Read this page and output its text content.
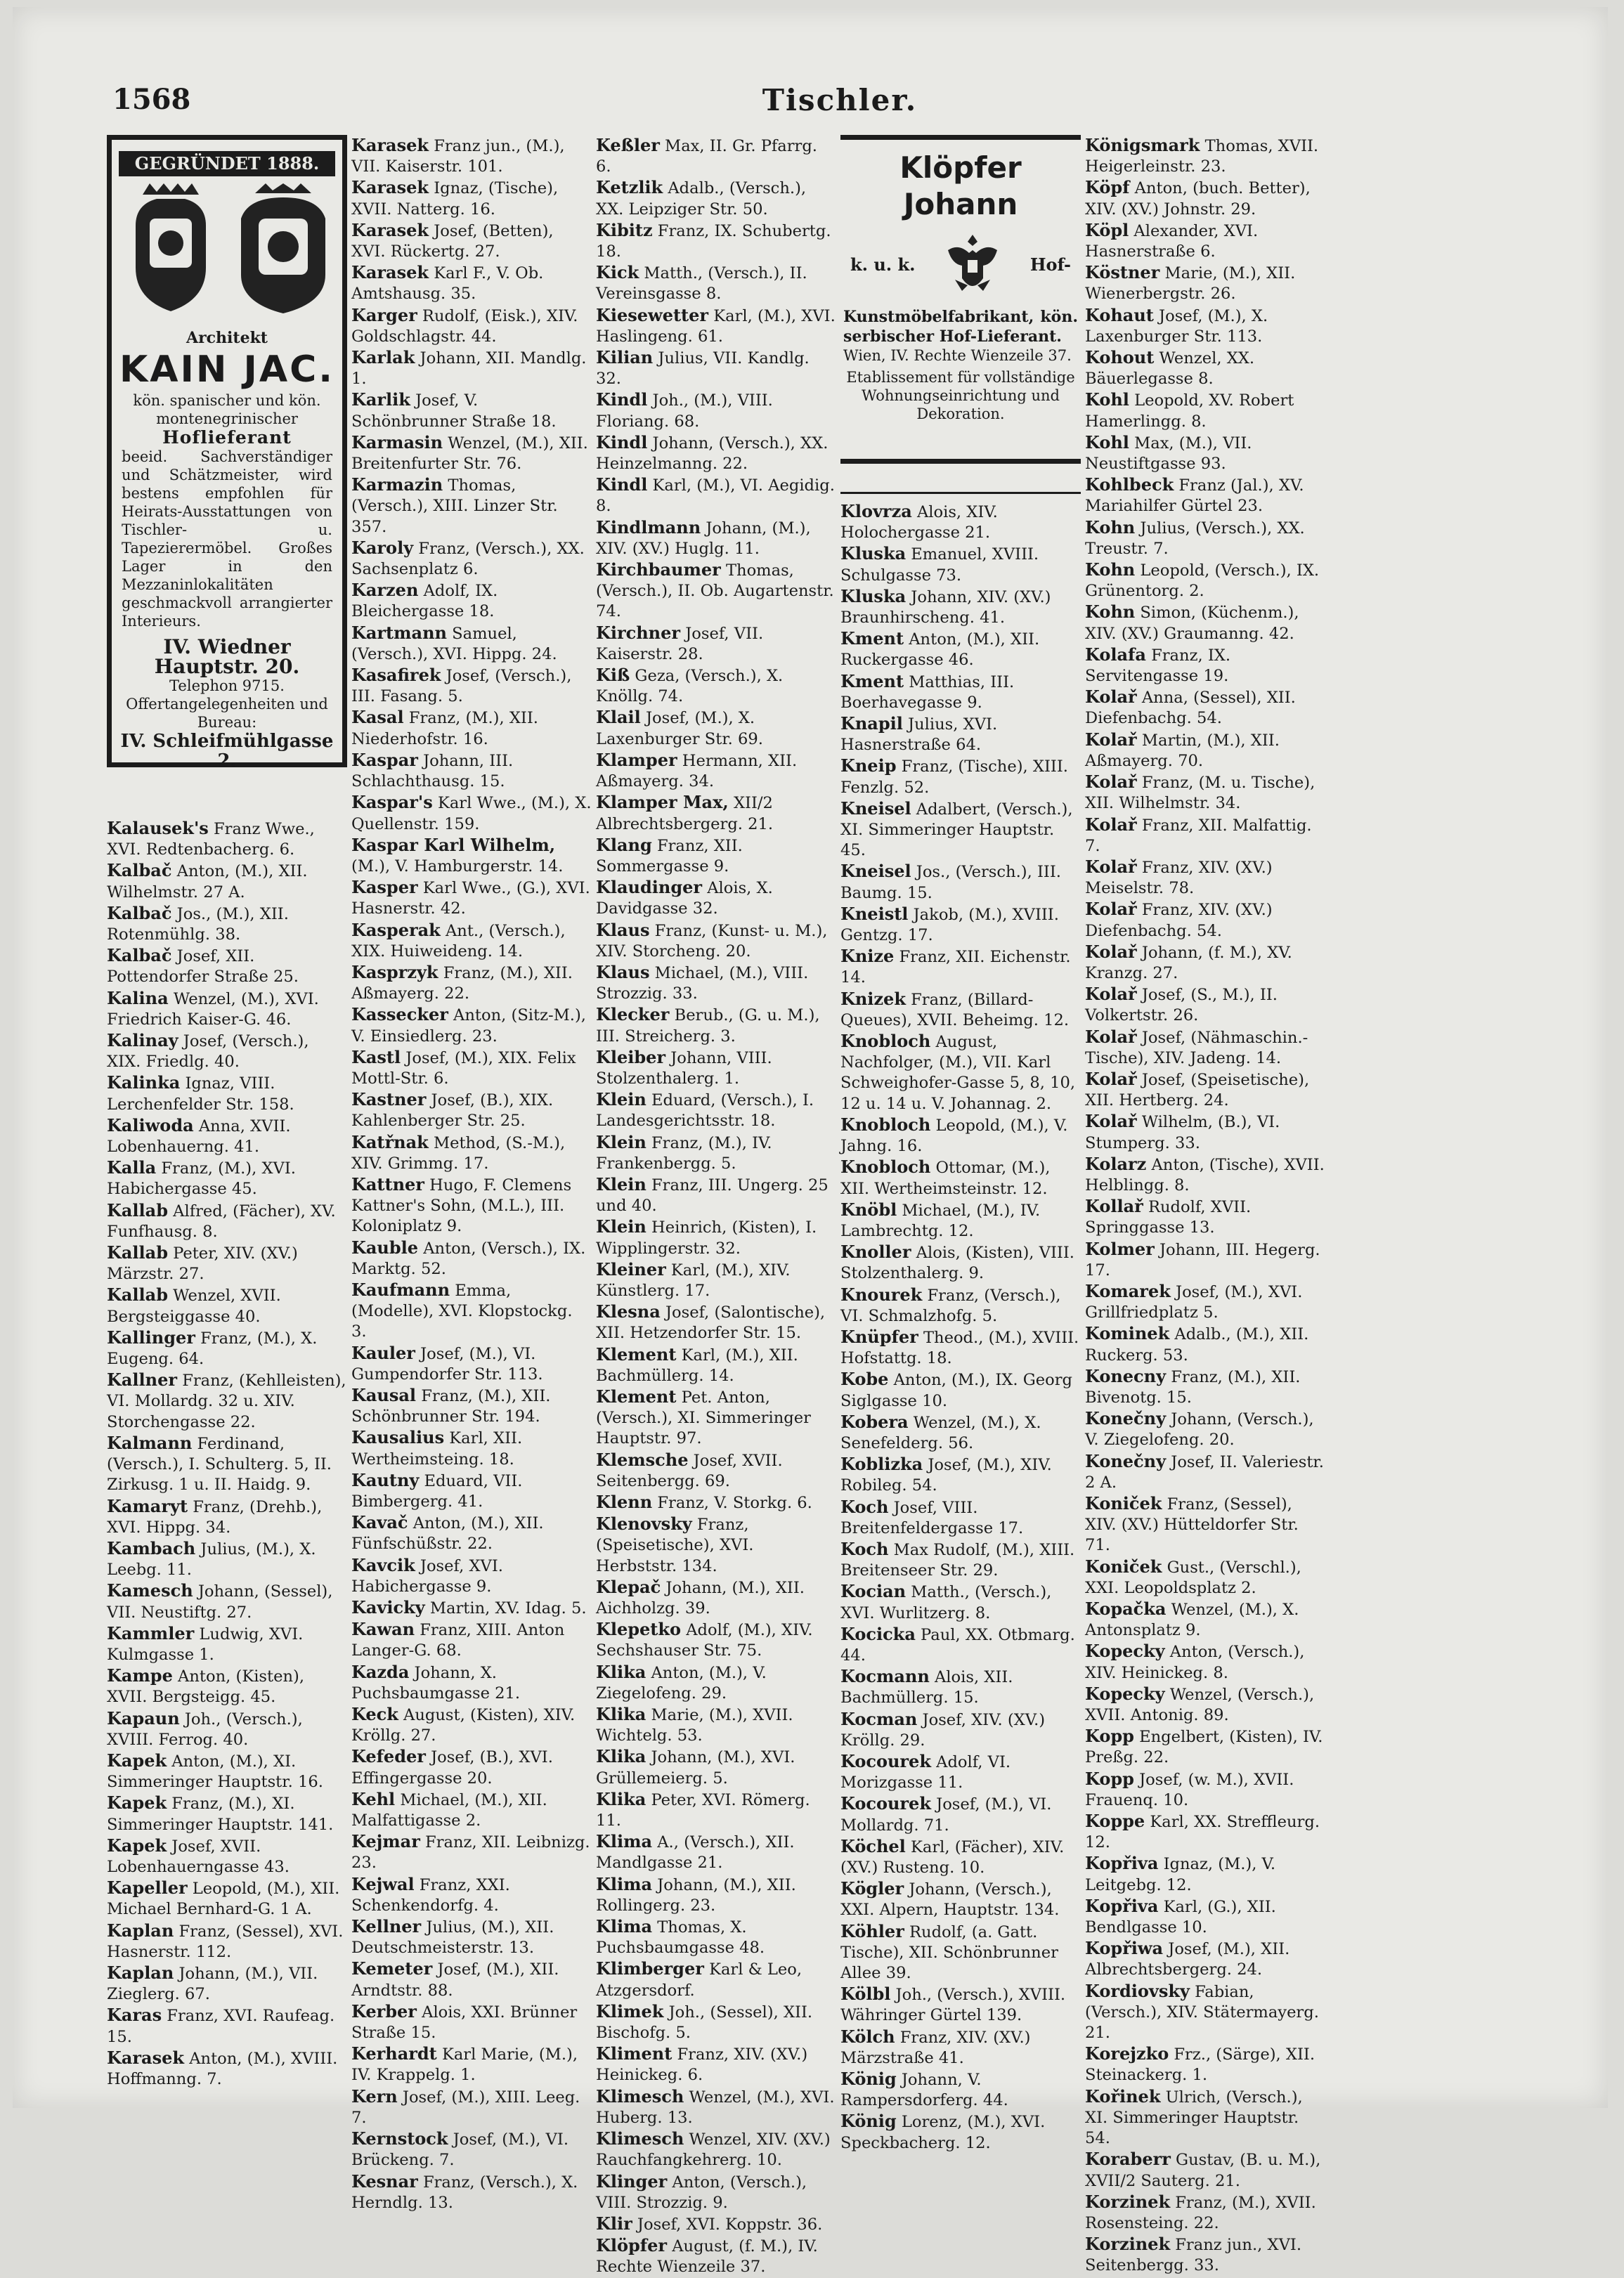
1568	Tischler.
GEGRÜNDET 1888.
Architekt
KAIN JAC.
kön. spanischer und kön. montenegrinischer
Hoflieferant
beeid. Sachverständiger und Schätzmeister, wird bestens empfohlen für Heirats-Ausstattungen von Tischler- u. Tapezierermöbel. Großes Lager in den Mezzaninlokalitäten geschmackvoll arrangierter Interieurs.
IV. Wiedner Hauptstr. 20.
Telephon 9715.
Offertangelegenheiten und Bureau:
IV. Schleifmühlgasse 2.

Kalausek's Franz Wwe., XVI. Redtenbacherg. 6.

Kalbač Anton, (M.), XII. Wilhelmstr. 27 A.

Kalbač Jos., (M.), XII. Rotenmühlg. 38.

Kalbač Josef, XII. Pottendorfer Straße 25.

Kalina Wenzel, (M.), XVI. Friedrich Kaiser-G. 46.

Kalinay Josef, (Versch.), XIX. Friedlg. 40.

Kalinka Ignaz, VIII. Lerchenfelder Str. 158.

Kaliwoda Anna, XVII. Lobenhauerng. 41.

Kalla Franz, (M.), XVI. Habichergasse 45.

Kallab Alfred, (Fächer), XV. Funfhausg. 8.

Kallab Peter, XIV. (XV.) Märzstr. 27.

Kallab Wenzel, XVII. Bergsteiggasse 40.

Kallinger Franz, (M.), X. Eugeng. 64.

Kallner Franz, (Kehlleisten), VI. Mollardg. 32 u. XIV. Storchengasse 22.

Kalmann Ferdinand, (Versch.), I. Schulterg. 5, II. Zirkusg. 1 u. II. Haidg. 9.

Kamaryt Franz, (Drehb.), XVI. Hippg. 34.

Kambach Julius, (M.), X. Leebg. 11.

Kamesch Johann, (Sessel), VII. Neustiftg. 27.

Kammler Ludwig, XVI. Kulmgasse 1.

Kampe Anton, (Kisten), XVII. Bergsteigg. 45.

Kapaun Joh., (Versch.), XVIII. Ferrog. 40.

Kapek Anton, (M.), XI. Simmeringer Hauptstr. 16.

Kapek Franz, (M.), XI. Simmeringer Hauptstr. 141.

Kapek Josef, XVII. Lobenhauerngasse 43.

Kapeller Leopold, (M.), XII. Michael Bernhard-G. 1 A.

Kaplan Franz, (Sessel), XVI. Hasnerstr. 112.

Kaplan Johann, (M.), VII. Zieglerg. 67.

Karas Franz, XVI. Raufeag. 15.

Karasek Anton, (M.), XVIII. Hoffmanng. 7.

Karasek Franz jun., (M.), VII. Kaiserstr. 101.

Karasek Ignaz, (Tische), XVII. Natterg. 16.

Karasek Josef, (Betten), XVI. Rückertg. 27.

Karasek Karl F., V. Ob. Amtshausg. 35.

Karger Rudolf, (Eisk.), XIV. Goldschlagstr. 44.

Karlak Johann, XII. Mandlg. 1.

Karlik Josef, V. Schönbrunner Straße 18.

Karmasin Wenzel, (M.), XII. Breitenfurter Str. 76.

Karmazin Thomas, (Versch.), XIII. Linzer Str. 357.

Karoly Franz, (Versch.), XX. Sachsenplatz 6.

Karzen Adolf, IX. Bleichergasse 18.

Kartmann Samuel, (Versch.), XVI. Hippg. 24.

Kasafirek Josef, (Versch.), III. Fasang. 5.

Kasal Franz, (M.), XII. Niederhofstr. 16.

Kaspar Johann, III. Schlachthausg. 15.

Kaspar's Karl Wwe., (M.), X. Quellenstr. 159.

Kaspar Karl Wilhelm, (M.), V. Hamburgerstr. 14.

Kasper Karl Wwe., (G.), XVI. Hasnerstr. 42.

Kasperak Ant., (Versch.), XIX. Huiweideng. 14.

Kasprzyk Franz, (M.), XII. Aßmayerg. 22.

Kassecker Anton, (Sitz-M.), V. Einsiedlerg. 23.

Kastl Josef, (M.), XIX. Felix Mottl-Str. 6.

Kastner Josef, (B.), XIX. Kahlenberger Str. 25.

Katřnak Method, (S.-M.), XIV. Grimmg. 17.

Kattner Hugo, F. Clemens Kattner's Sohn, (M.L.), III. Koloniplatz 9.

Kauble Anton, (Versch.), IX. Marktg. 52.

Kaufmann Emma, (Modelle), XVI. Klopstockg. 3.

Kauler Josef, (M.), VI. Gumpendorfer Str. 113.

Kausal Franz, (M.), XII. Schönbrunner Str. 194.

Kausalius Karl, XII. Wertheimsteing. 18.

Kautny Eduard, VII. Bimbergerg. 41.

Kavač Anton, (M.), XII. Fünfschüßstr. 22.

Kavcik Josef, XVI. Habichergasse 9.

Kavicky Martin, XV. Idag. 5.

Kawan Franz, XIII. Anton Langer-G. 68.

Kazda Johann, X. Puchsbaumgasse 21.

Keck August, (Kisten), XIV. Kröllg. 27.

Kefeder Josef, (B.), XVI. Effingergasse 20.

Kehl Michael, (M.), XII. Malfattigasse 2.

Kejmar Franz, XII. Leibnizg. 23.

Kejwal Franz, XXI. Schenkendorfg. 4.

Kellner Julius, (M.), XII. Deutschmeisterstr. 13.

Kemeter Josef, (M.), XII. Arndtstr. 88.

Kerber Alois, XXI. Brünner Straße 15.

Kerhardt Karl Marie, (M.), IV. Krappelg. 1.

Kern Josef, (M.), XIII. Leeg. 7.

Kernstock Josef, (M.), VI. Brückeng. 7.

Kesnar Franz, (Versch.), X. Herndlg. 13.

Keßler Max, II. Gr. Pfarrg. 6.

Ketzlik Adalb., (Versch.), XX. Leipziger Str. 50.

Kibitz Franz, IX. Schubertg. 18.

Kick Matth., (Versch.), II. Vereinsgasse 8.

Kiesewetter Karl, (M.), XVI. Haslingeng. 61.

Kilian Julius, VII. Kandlg. 32.

Kindl Joh., (M.), VIII. Floriang. 68.

Kindl Johann, (Versch.), XX. Heinzelmanng. 22.

Kindl Karl, (M.), VI. Aegidig. 8.

Kindlmann Johann, (M.), XIV. (XV.) Huglg. 11.

Kirchbaumer Thomas, (Versch.), II. Ob. Augartenstr. 74.

Kirchner Josef, VII. Kaiserstr. 28.

Kiß Geza, (Versch.), X. Knöllg. 74.

Klail Josef, (M.), X. Laxenburger Str. 69.

Klamper Hermann, XII. Aßmayerg. 34.

Klamper Max, XII/2 Albrechtsbergerg. 21.

Klang Franz, XII. Sommergasse 9.

Klaudinger Alois, X. Davidgasse 32.

Klaus Franz, (Kunst- u. M.), XIV. Storcheng. 20.

Klaus Michael, (M.), VIII. Strozzig. 33.

Klecker Berub., (G. u. M.), III. Streicherg. 3.

Kleiber Johann, VIII. Stolzenthalerg. 1.

Klein Eduard, (Versch.), I. Landesgerichtsstr. 18.

Klein Franz, (M.), IV. Frankenbergg. 5.

Klein Franz, III. Ungerg. 25 und 40.

Klein Heinrich, (Kisten), I. Wipplingerstr. 32.

Kleiner Karl, (M.), XIV. Künstlerg. 17.

Klesna Josef, (Salontische), XII. Hetzendorfer Str. 15.

Klement Karl, (M.), XII. Bachmüllerg. 14.

Klement Pet. Anton, (Versch.), XI. Simmeringer Hauptstr. 97.

Klemsche Josef, XVII. Seitenbergg. 69.

Klenn Franz, V. Storkg. 6.

Klenovsky Franz, (Speisetische), XVI. Herbststr. 134.

Klepač Johann, (M.), XII. Aichholzg. 39.

Klepetko Adolf, (M.), XIV. Sechshauser Str. 75.

Klika Anton, (M.), V. Ziegelofeng. 29.

Klika Marie, (M.), XVII. Wichtelg. 53.

Klika Johann, (M.), XVI. Grüllemeierg. 5.

Klika Peter, XVI. Römerg. 11.

Klima A., (Versch.), XII. Mandlgasse 21.

Klima Johann, (M.), XII. Rollingerg. 23.

Klima Thomas, X. Puchsbaumgasse 48.

Klimberger Karl & Leo, Atzgersdorf.

Klimek Joh., (Sessel), XII. Bischofg. 5.

Kliment Franz, XIV. (XV.) Heinickeg. 6.

Klimesch Wenzel, (M.), XVI. Huberg. 13.

Klimesch Wenzel, XIV. (XV.) Rauchfangkehrerg. 10.

Klinger Anton, (Versch.), VIII. Strozzig. 9.

Klir Josef, XVI. Koppstr. 36.

Klöpfer August, (f. M.), IV. Rechte Wienzeile 37.

Klöpfer Johann
k. u. k.	Hof-
Kunstmöbelfabrikant, kön. serbischer Hof-Lieferant.
Wien, IV. Rechte Wienzeile 37.
Etablissement für vollständige Wohnungseinrichtung und Dekoration.

Klovrza Alois, XIV. Holochergasse 21.

Kluska Emanuel, XVIII. Schulgasse 73.

Kluska Johann, XIV. (XV.) Braunhirscheng. 41.

Kment Anton, (M.), XII. Ruckergasse 46.

Kment Matthias, III. Boerhavegasse 9.

Knapil Julius, XVI. Hasnerstraße 64.

Kneip Franz, (Tische), XIII. Fenzlg. 52.

Kneisel Adalbert, (Versch.), XI. Simmeringer Hauptstr. 45.

Kneisel Jos., (Versch.), III. Baumg. 15.

Kneistl Jakob, (M.), XVIII. Gentzg. 17.

Knize Franz, XII. Eichenstr. 14.

Knizek Franz, (Billard-Queues), XVII. Beheimg. 12.

Knobloch August, Nachfolger, (M.), VII. Karl Schweighofer-Gasse 5, 8, 10, 12 u. 14 u. V. Johannag. 2.

Knobloch Leopold, (M.), V. Jahng. 16.

Knobloch Ottomar, (M.), XII. Wertheimsteinstr. 12.

Knöbl Michael, (M.), IV. Lambrechtg. 12.

Knoller Alois, (Kisten), VIII. Stolzenthalerg. 9.

Knourek Franz, (Versch.), VI. Schmalzhofg. 5.

Knüpfer Theod., (M.), XVIII. Hofstattg. 18.

Kobe Anton, (M.), IX. Georg Siglgasse 10.

Kobera Wenzel, (M.), X. Senefelderg. 56.

Koblizka Josef, (M.), XIV. Robileg. 54.

Koch Josef, VIII. Breitenfeldergasse 17.

Koch Max Rudolf, (M.), XIII. Breitenseer Str. 29.

Kocian Matth., (Versch.), XVI. Wurlitzerg. 8.

Kocicka Paul, XX. Otbmarg. 44.

Kocmann Alois, XII. Bachmüllerg. 15.

Kocman Josef, XIV. (XV.) Kröllg. 29.

Kocourek Adolf, VI. Morizgasse 11.

Kocourek Josef, (M.), VI. Mollardg. 71.

Köchel Karl, (Fächer), XIV. (XV.) Rusteng. 10.

Kögler Johann, (Versch.), XXI. Alpern, Hauptstr. 134.

Köhler Rudolf, (a. Gatt. Tische), XII. Schönbrunner Allee 39.

Kölbl Joh., (Versch.), XVIII. Währinger Gürtel 139.

Kölch Franz, XIV. (XV.) Märzstraße 41.

König Johann, V. Rampersdorferg. 44.

König Lorenz, (M.), XVI. Speckbacherg. 12.

Königsmark Thomas, XVII. Heigerleinstr. 23.

Köpf Anton, (buch. Better), XIV. (XV.) Johnstr. 29.

Köpl Alexander, XVI. Hasnerstraße 6.

Köstner Marie, (M.), XII. Wienerbergstr. 26.

Kohaut Josef, (M.), X. Laxenburger Str. 113.

Kohout Wenzel, XX. Bäuerlegasse 8.

Kohl Leopold, XV. Robert Hamerlingg. 8.

Kohl Max, (M.), VII. Neustiftgasse 93.

Kohlbeck Franz (Jal.), XV. Mariahilfer Gürtel 23.

Kohn Julius, (Versch.), XX. Treustr. 7.

Kohn Leopold, (Versch.), IX. Grünentorg. 2.

Kohn Simon, (Küchenm.), XIV. (XV.) Graumanng. 42.

Kolafa Franz, IX. Servitengasse 19.

Kolař Anna, (Sessel), XII. Diefenbachg. 54.

Kolař Martin, (M.), XII. Aßmayerg. 70.

Kolař Franz, (M. u. Tische), XII. Wilhelmstr. 34.

Kolař Franz, XII. Malfattig. 7.

Kolař Franz, XIV. (XV.) Meiselstr. 78.

Kolař Franz, XIV. (XV.) Diefenbachg. 54.

Kolař Johann, (f. M.), XV. Kranzg. 27.

Kolař Josef, (S., M.), II. Volkertstr. 26.

Kolař Josef, (Nähmaschin.-Tische), XIV. Jadeng. 14.

Kolař Josef, (Speisetische), XII. Hertberg. 24.

Kolař Wilhelm, (B.), VI. Stumperg. 33.

Kolarz Anton, (Tische), XVII. Helblingg. 8.

Kollař Rudolf, XVII. Springgasse 13.

Kolmer Johann, III. Hegerg. 17.

Komarek Josef, (M.), XVI. Grillfriedplatz 5.

Kominek Adalb., (M.), XII. Ruckerg. 53.

Konecny Franz, (M.), XII. Bivenotg. 15.

Konečny Johann, (Versch.), V. Ziegelofeng. 20.

Konečny Josef, II. Valeriestr. 2 A.

Koniček Franz, (Sessel), XIV. (XV.) Hütteldorfer Str. 71.

Koniček Gust., (Verschl.), XXI. Leopoldsplatz 2.

Kopačka Wenzel, (M.), X. Antonsplatz 9.

Kopecky Anton, (Versch.), XIV. Heinickeg. 8.

Kopecky Wenzel, (Versch.), XVII. Antonig. 89.

Kopp Engelbert, (Kisten), IV. Preßg. 22.

Kopp Josef, (w. M.), XVII. Frauenq. 10.

Koppe Karl, XX. Streffleurg. 12.

Kopřiva Ignaz, (M.), V. Leitgebg. 12.

Kopřiva Karl, (G.), XII. Bendlgasse 10.

Kopřiwa Josef, (M.), XII. Albrechtsbergerg. 24.

Kordiovsky Fabian, (Versch.), XIV. Stätermayerg. 21.

Korejzko Frz., (Särge), XII. Steinackerg. 1.

Kořinek Ulrich, (Versch.), XI. Simmeringer Hauptstr. 54.

Koraberr Gustav, (B. u. M.), XVII/2 Sauterg. 21.

Korzinek Franz, (M.), XVII. Rosensteing. 22.

Korzinek Franz jun., XVI. Seitenbergg. 33.
